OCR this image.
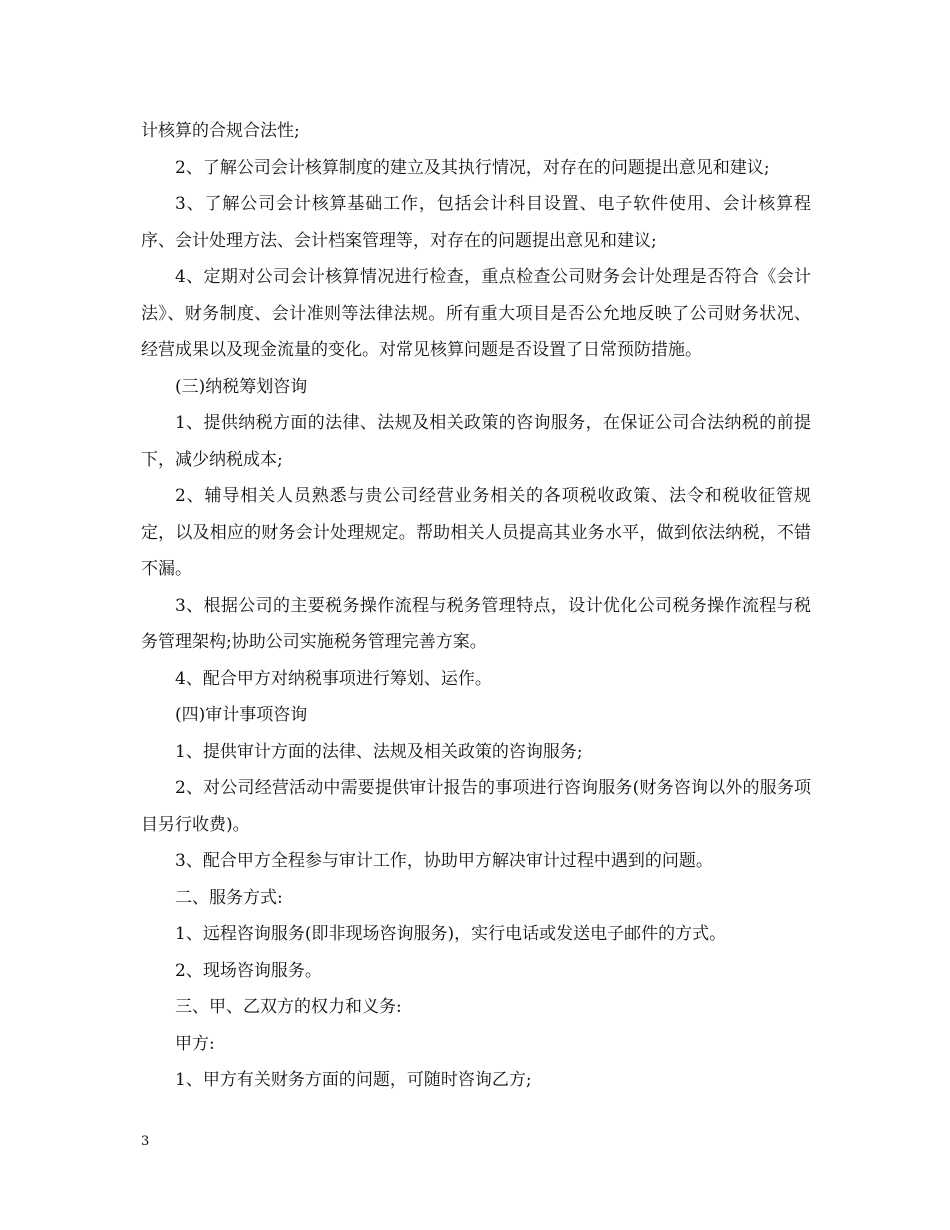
计核算的合规合法性;

2、了解公司会计核算制度的建立及其执行情况，对存在的问题提出意见和建议;

3、了解公司会计核算基础工作，包括会计科目设置、电子软件使用、会计核算程序、会计处理方法、会计档案管理等，对存在的问题提出意见和建议;

4、定期对公司会计核算情况进行检查，重点检查公司财务会计处理是否符合《会计法》、财务制度、会计准则等法律法规。所有重大项目是否公允地反映了公司财务状况、经营成果以及现金流量的变化。对常见核算问题是否设置了日常预防措施。

(三)纳税筹划咨询

1、提供纳税方面的法律、法规及相关政策的咨询服务，在保证公司合法纳税的前提下，减少纳税成本;

2、辅导相关人员熟悉与贵公司经营业务相关的各项税收政策、法令和税收征管规定，以及相应的财务会计处理规定。帮助相关人员提高其业务水平，做到依法纳税，不错不漏。

3、根据公司的主要税务操作流程与税务管理特点，设计优化公司税务操作流程与税务管理架构;协助公司实施税务管理完善方案。

4、配合甲方对纳税事项进行筹划、运作。

(四)审计事项咨询

1、提供审计方面的法律、法规及相关政策的咨询服务;

2、对公司经营活动中需要提供审计报告的事项进行咨询服务(财务咨询以外的服务项目另行收费)。

3、配合甲方全程参与审计工作，协助甲方解决审计过程中遇到的问题。

二、服务方式:

1、远程咨询服务(即非现场咨询服务)，实行电话或发送电子邮件的方式。

2、现场咨询服务。

三、甲、乙双方的权力和义务:

甲方:

1、甲方有关财务方面的问题，可随时咨询乙方;

3
